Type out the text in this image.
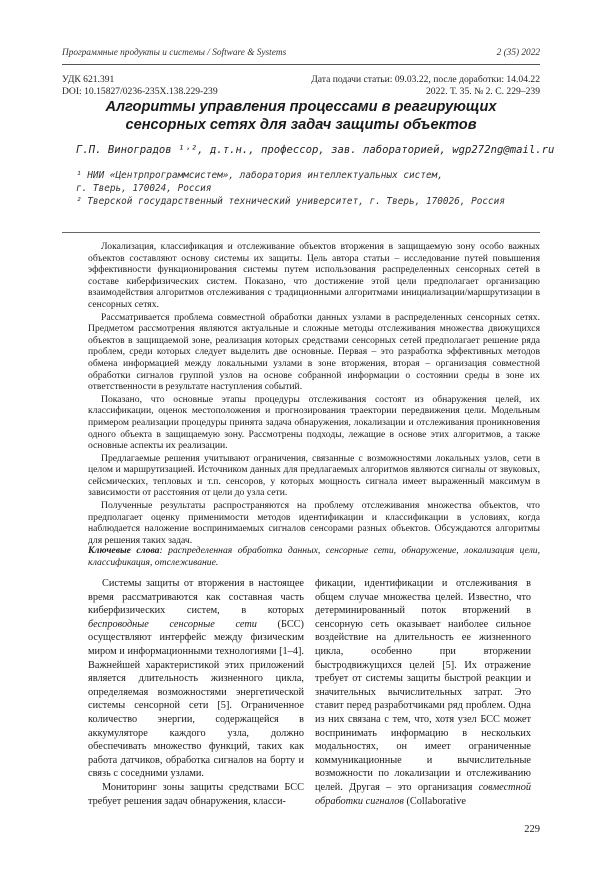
Программные продукты и системы / Software & Systems	2 (35) 2022
УДК 621.391	Дата подачи статьи: 09.03.22, после доработки: 14.04.22
DOI: 10.15827/0236-235X.138.229-239	2022. Т. 35. № 2. С. 229–239
Алгоритмы управления процессами в реагирующих
сенсорных сетях для задач защиты объектов
Г.П. Виноградов ¹˒², д.т.н., профессор, зав. лабораторией, wgp272ng@mail.ru
¹ НИИ «Центрпрограммсистем», лаборатория интеллектуальных систем,
г. Тверь, 170024, Россия
² Тверской государственный технический университет, г. Тверь, 170026, Россия

Локализация, классификация и отслеживание объектов вторжения в защищаемую зону особо важных объектов составляют основу системы их защиты. Цель автора статьи – исследование путей повышения эффективности функционирования системы путем использования распределенных сенсорных сетей в составе киберфизических систем. Показано, что достижение этой цели предполагает организацию взаимодействия алгоритмов отслеживания с традиционными алгоритмами инициализации/маршрутизации в сенсорных сетях.

Рассматривается проблема совместной обработки данных узлами в распределенных сенсорных сетях. Предметом рассмотрения являются актуальные и сложные методы отслеживания множества движущихся объектов в защищаемой зоне, реализация которых средствами сенсорных сетей предполагает решение ряда проблем, среди которых следует выделить две основные. Первая – это разработка эффективных методов обмена информацией между локальными узлами в зоне вторжения, вторая – организация совместной обработки сигналов группой узлов на основе собранной информации о состоянии среды в зоне их ответственности в результате наступления событий.

Показано, что основные этапы процедуры отслеживания состоят из обнаружения целей, их классификации, оценок местоположения и прогнозирования траектории передвижения цели. Модельным примером реализации процедуры принята задача обнаружения, локализации и отслеживания проникновения одного объекта в защищаемую зону. Рассмотрены подходы, лежащие в основе этих алгоритмов, а также основные аспекты их реализации.

Предлагаемые решения учитывают ограничения, связанные с возможностями локальных узлов, сети в целом и маршрутизацией. Источником данных для предлагаемых алгоритмов являются сигналы от звуковых, сейсмических, тепловых и т.п. сенсоров, у которых мощность сигнала имеет выраженный максимум в зависимости от расстояния от цели до узла сети.

Полученные результаты распространяются на проблему отслеживания множества объектов, что предполагает оценку применимости методов идентификации и классификации в условиях, когда наблюдается наложение воспринимаемых сигналов сенсорами разных объектов. Обсуждаются алгоритмы для решения таких задач.

Ключевые слова: распределенная обработка данных, сенсорные сети, обнаружение, локализация цели, классификация, отслеживание.

Системы защиты от вторжения в настоящее время рассматриваются как составная часть киберфизических систем, в которых беспроводные сенсорные сети (БСС) осуществляют интерфейс между физическим миром и информационными технологиями [1–4]. Важнейшей характеристикой этих приложений является длительность жизненного цикла, определяемая возможностями энергетической системы сенсорной сети [5]. Ограниченное количество энергии, содержащейся в аккумуляторе каждого узла, должно обеспечивать множество функций, таких как работа датчиков, обработка сигналов на борту и связь с соседними узлами.

Мониторинг зоны защиты средствами БСС требует решения задач обнаружения, класси-

фикации, идентификации и отслеживания в общем случае множества целей. Известно, что детерминированный поток вторжений в сенсорную сеть оказывает наиболее сильное воздействие на длительность ее жизненного цикла, особенно при вторжении быстродвижущихся целей [5]. Их отражение требует от системы защиты быстрой реакции и значительных вычислительных затрат. Это ставит перед разработчиками ряд проблем. Одна из них связана с тем, что, хотя узел БСС может воспринимать информацию в нескольких модальностях, он имеет ограниченные коммуникационные и вычислительные возможности по локализации и отслеживанию целей. Другая – это организация совместной обработки сигналов (Collaborative

229
